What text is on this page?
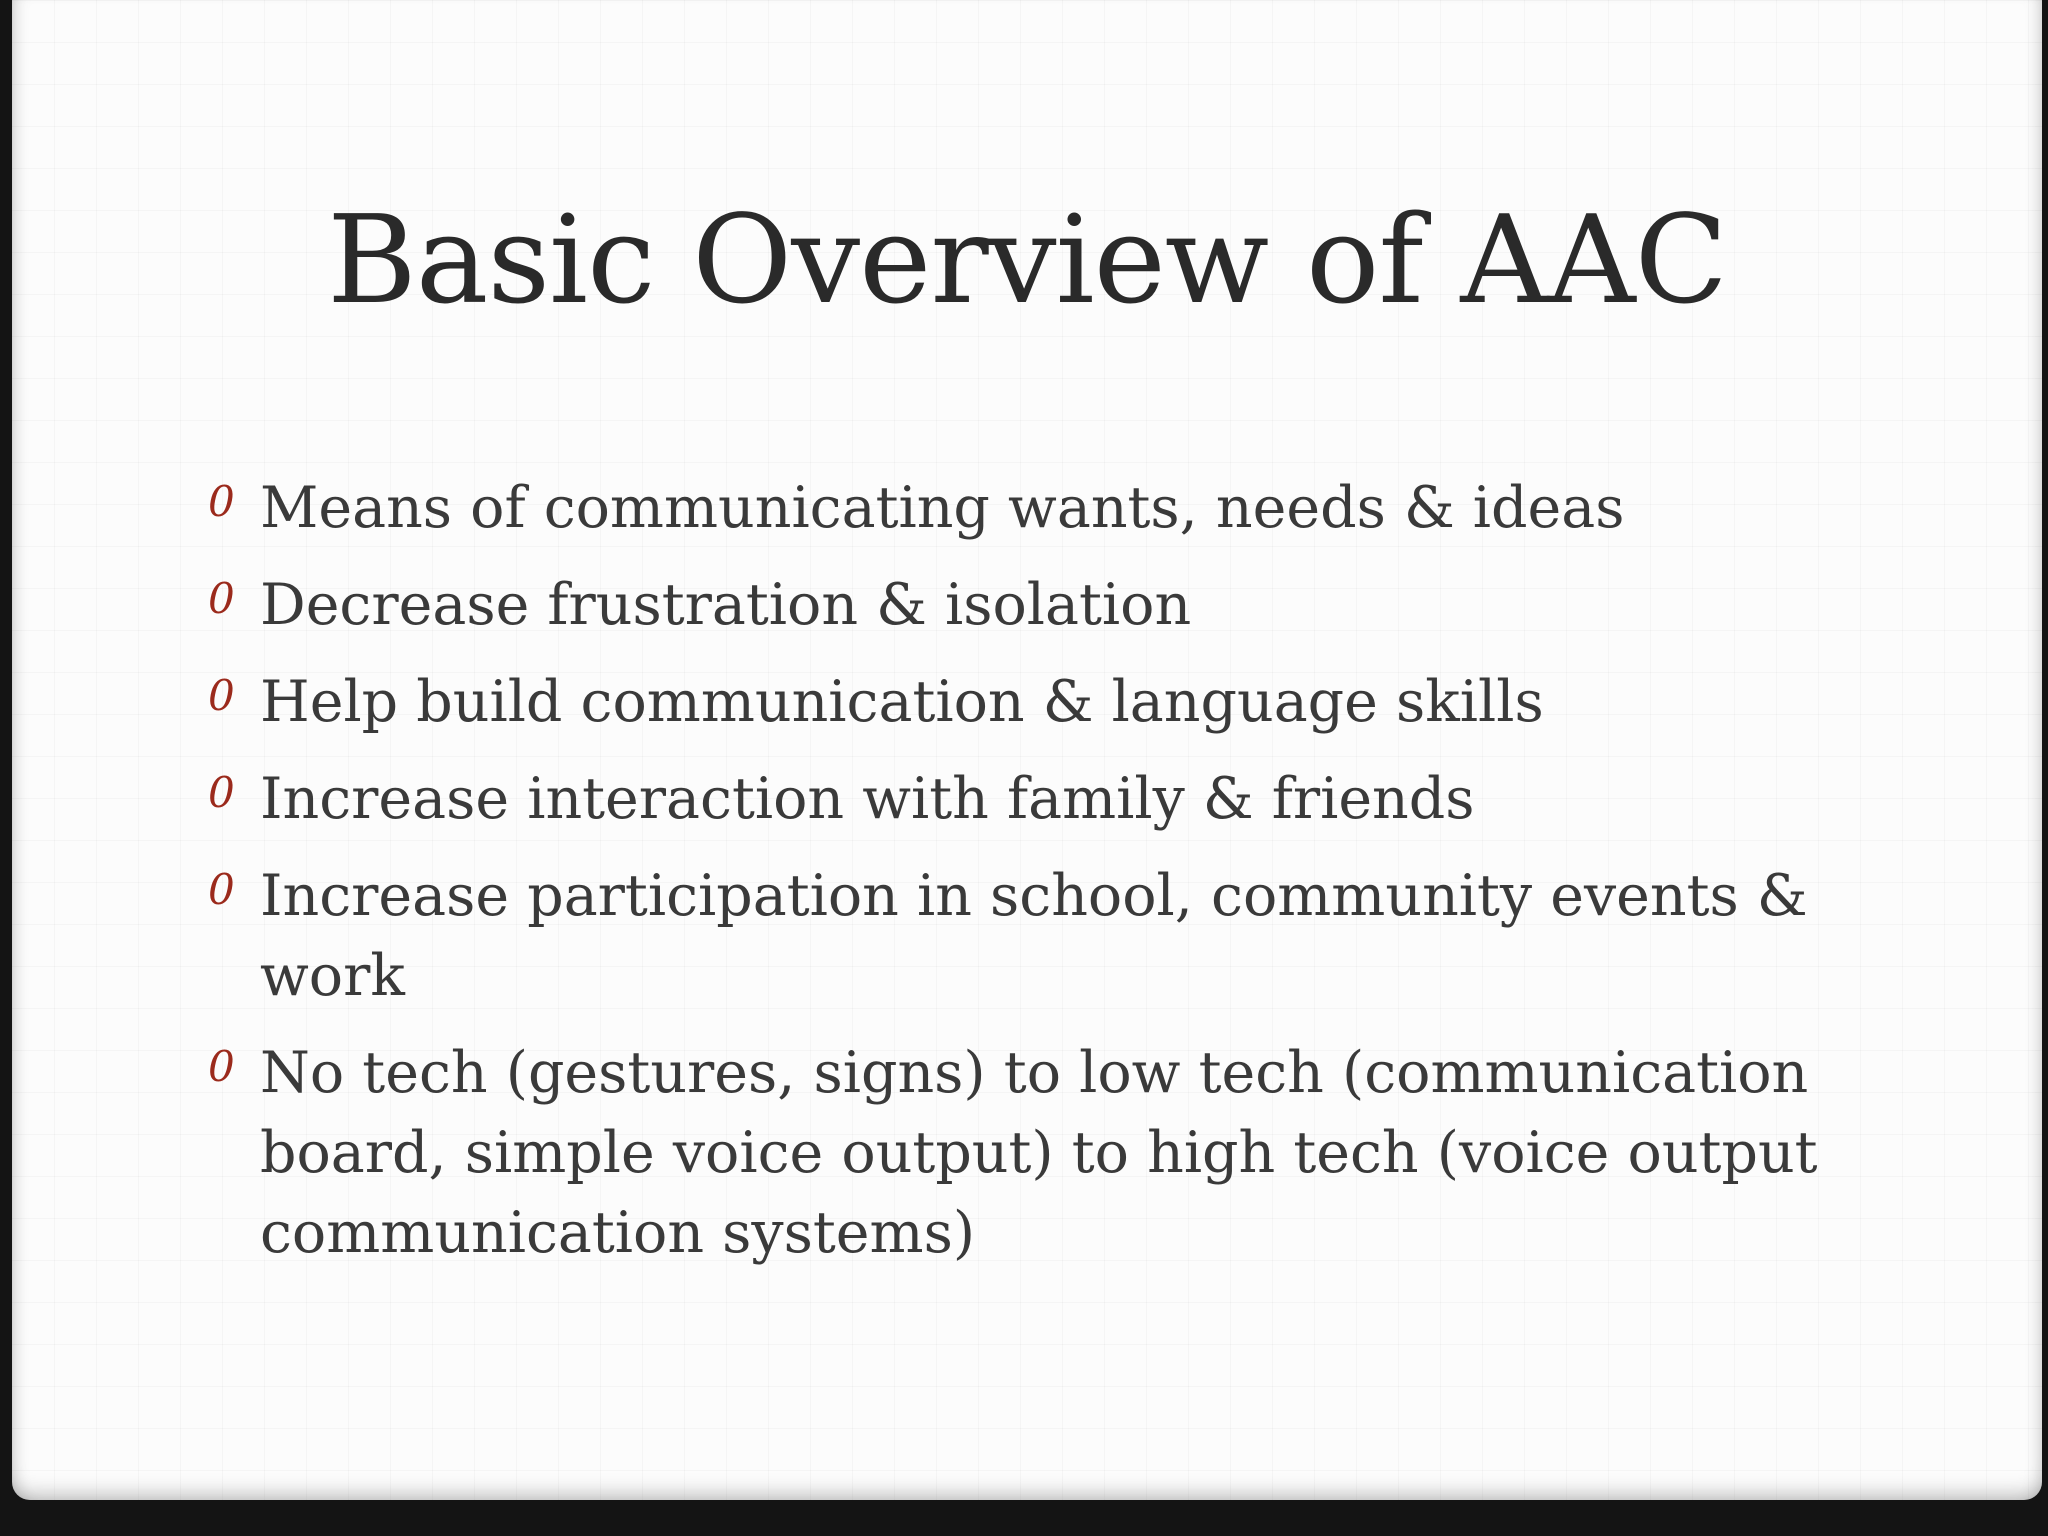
Basic Overview of AAC
0 Means of communicating wants, needs & ideas
0 Decrease frustration & isolation
0 Help build communication & language skills
0 Increase interaction with family & friends
0 Increase participation in school, community events & work
0 No tech (gestures, signs) to low tech (communication board, simple voice output) to high tech (voice output communication systems)
